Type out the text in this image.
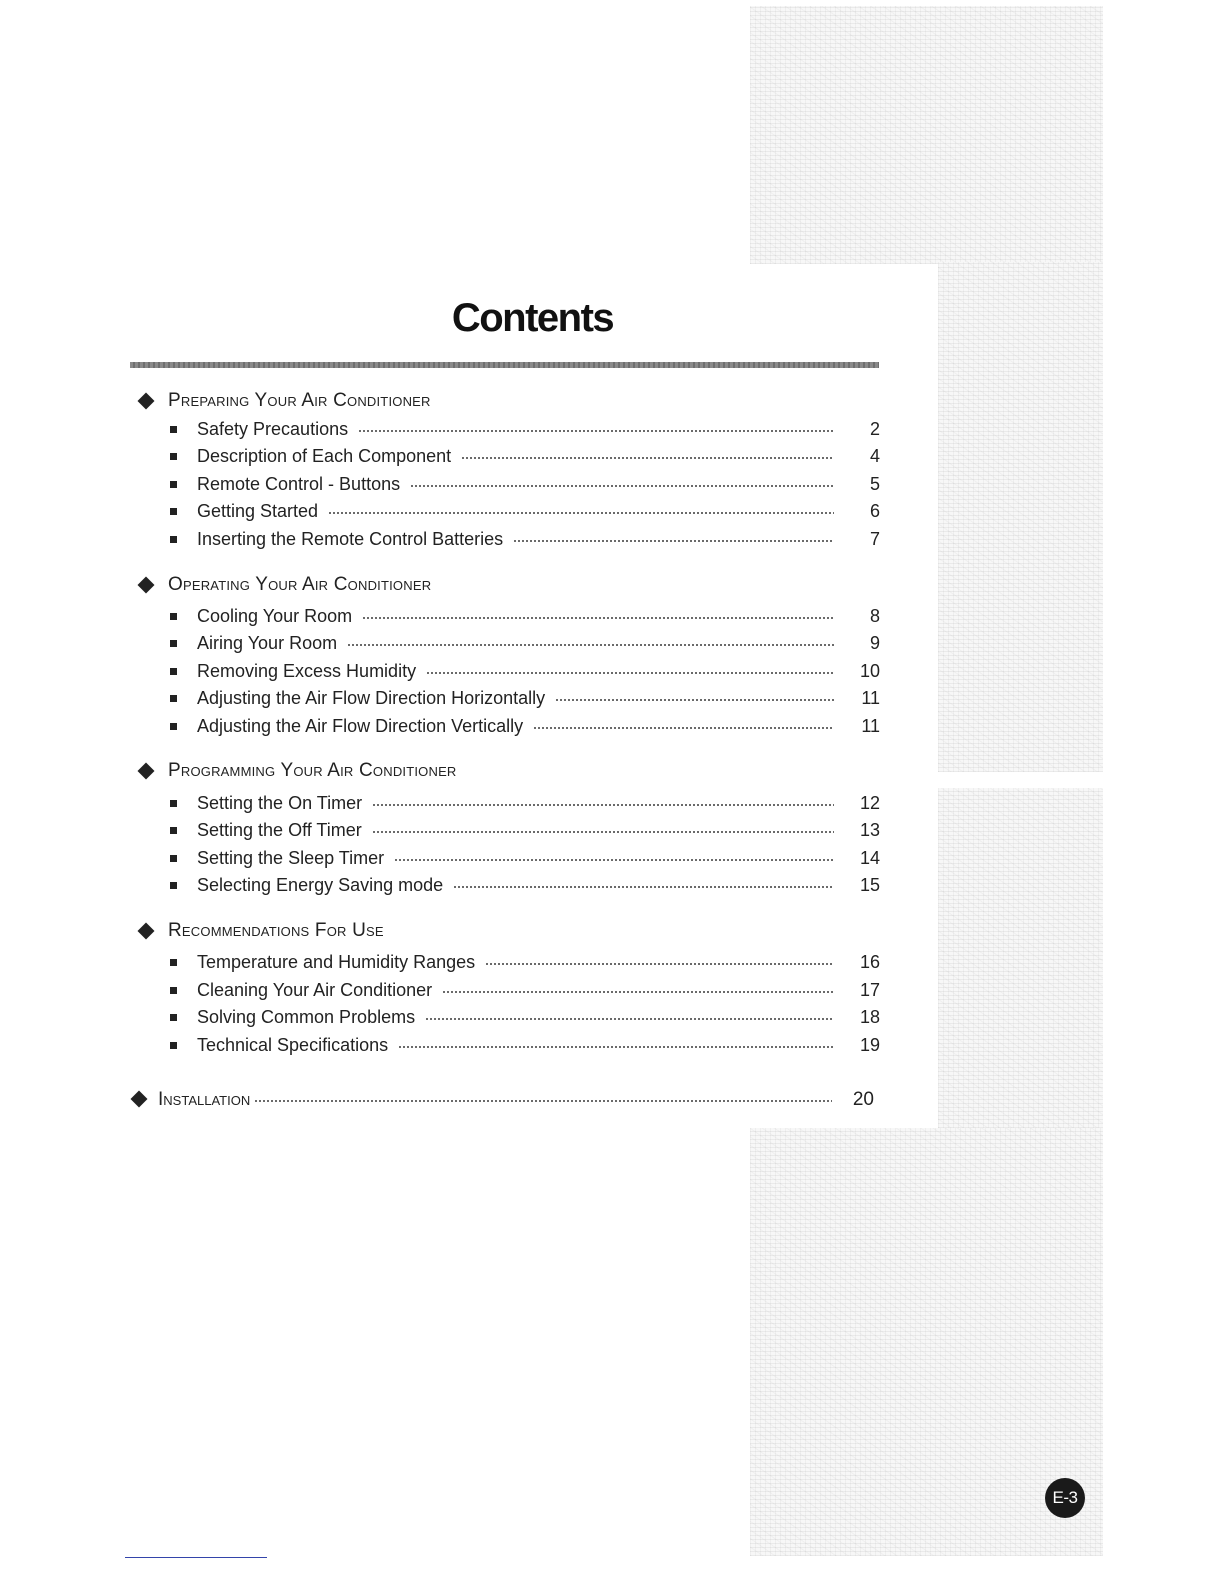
Contents
Preparing Your Air Conditioner
Safety Precautions	2
Description of Each Component	4
Remote Control - Buttons	5
Getting Started	6
Inserting the Remote Control Batteries	7
Operating Your Air Conditioner
Cooling Your Room	8
Airing Your Room	9
Removing Excess Humidity	10
Adjusting the Air Flow Direction Horizontally	11
Adjusting the Air Flow Direction Vertically	11
Programming Your Air Conditioner
Setting the On Timer	12
Setting the Off Timer	13
Setting the Sleep Timer	14
Selecting Energy Saving mode	15
Recommendations For Use
Temperature and Humidity Ranges	16
Cleaning Your Air Conditioner	17
Solving Common Problems	18
Technical Specifications	19
Installation	20
E-3
